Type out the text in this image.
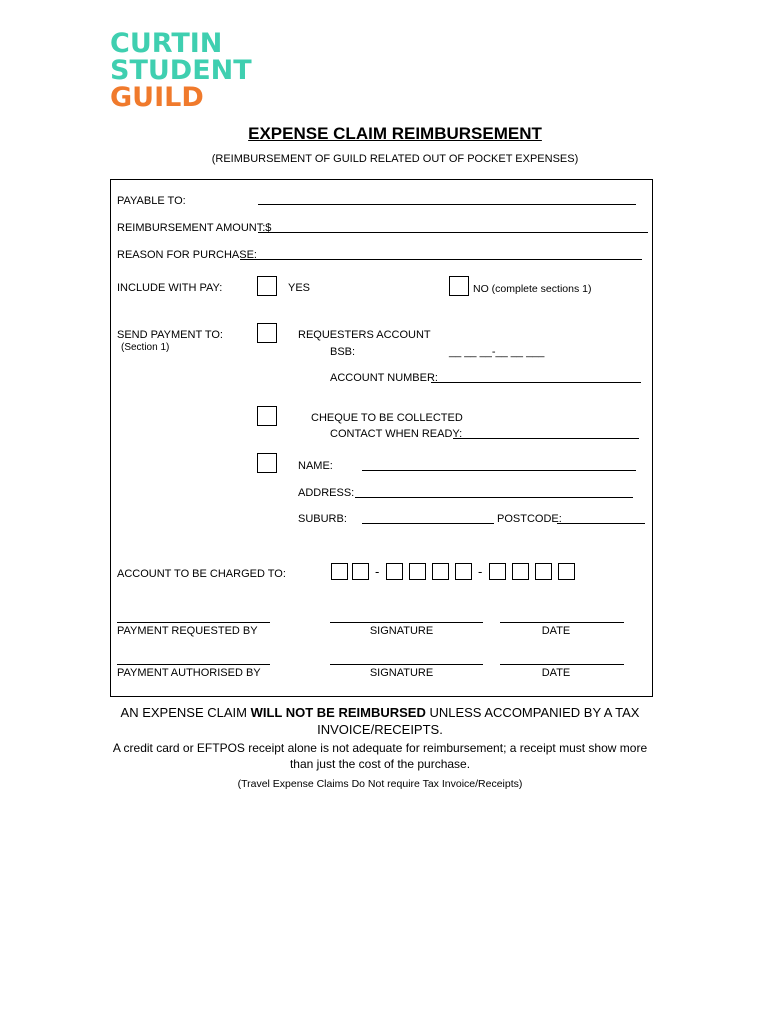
CURTIN
STUDENT
GUILD
EXPENSE CLAIM REIMBURSEMENT
(REIMBURSEMENT OF GUILD RELATED OUT OF POCKET EXPENSES)
PAYABLE TO:
REIMBURSEMENT AMOUNT:$
REASON FOR PURCHASE:
INCLUDE WITH PAY:	YES	NO (complete sections 1)
SEND PAYMENT TO:
(Section 1)
REQUESTERS ACCOUNT
BSB:	__ __ __-__ __ ___
ACCOUNT NUMBER:
CHEQUE TO BE COLLECTED
CONTACT WHEN READY:
NAME:
ADDRESS:
SUBURB:	POSTCODE:
ACCOUNT TO BE CHARGED TO:	-	-
PAYMENT REQUESTED BY	SIGNATURE	DATE
PAYMENT AUTHORISED BY	SIGNATURE	DATE
AN EXPENSE CLAIM WILL NOT BE REIMBURSED UNLESS ACCOMPANIED BY A TAX INVOICE/RECEIPTS.
A credit card or EFTPOS receipt alone is not adequate for reimbursement; a receipt must show more than just the cost of the purchase.
(Travel Expense Claims Do Not require Tax Invoice/Receipts)
